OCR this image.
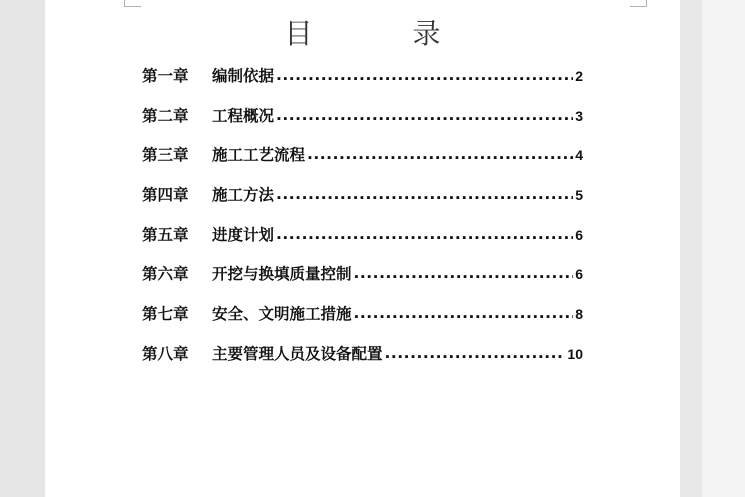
目　录
第一章	编制依据 .....	2
第二章	工程概况 .....	3
第三章	施工工艺流程 .....	4
第四章	施工方法 .....	5
第五章	进度计划 .....	6
第六章	开挖与换填质量控制 .....	6
第七章	安全、文明施工措施 .....	8
第八章	主要管理人员及设备配置 .....	10
